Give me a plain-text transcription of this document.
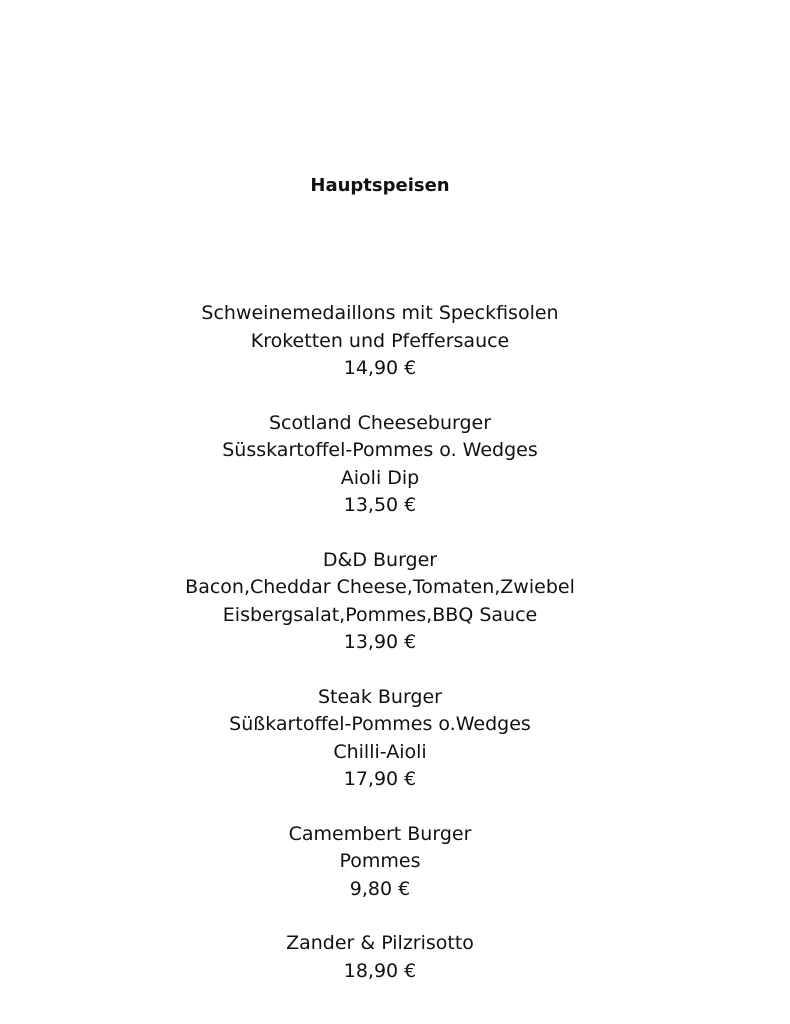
Hauptspeisen
Schweinemedaillons mit Speckfisolen
Kroketten und Pfeffersauce
14,90 €
Scotland Cheeseburger
Süsskartoffel-Pommes o. Wedges
Aioli Dip
13,50 €
D&D Burger
Bacon,Cheddar Cheese,Tomaten,Zwiebel
Eisbergsalat,Pommes,BBQ Sauce
13,90 €
Steak Burger
Süßkartoffel-Pommes o.Wedges
Chilli-Aioli
17,90 €
Camembert Burger
Pommes
9,80 €
Zander & Pilzrisotto
18,90 €
